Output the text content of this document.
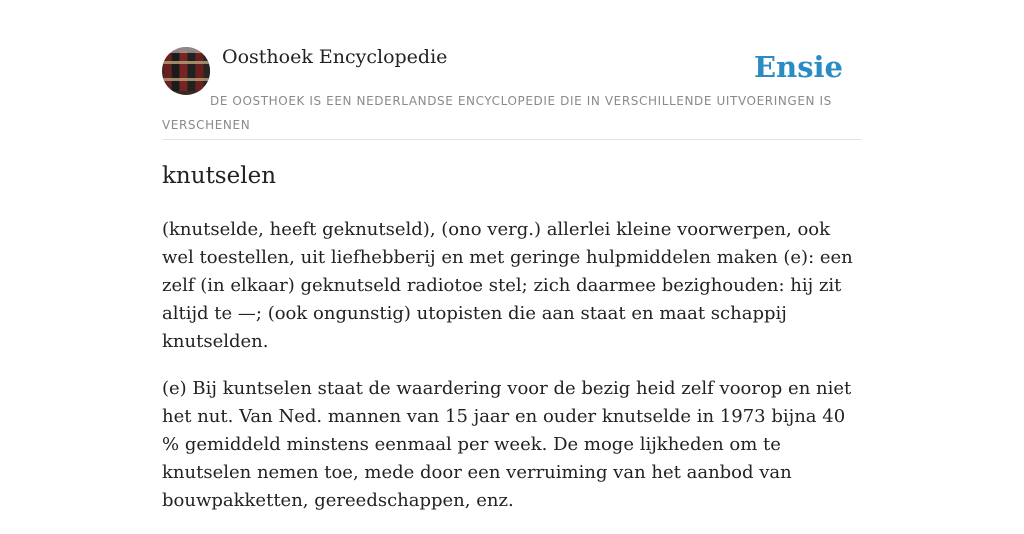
Oosthoek Encyclopedie	Ensie
DE OOSTHOEK IS EEN NEDERLANDSE ENCYCLOPEDIE DIE IN VERSCHILLENDE UITVOERINGEN IS VERSCHENEN
knutselen

(knutselde, heeft geknutseld), (ono verg.) allerlei kleine voorwerpen, ook wel toestellen, uit liefhebberij en met geringe hulpmiddelen maken (e): een zelf (in elkaar) geknutseld radiotoe stel; zich daarmee bezighouden: hij zit altijd te —; (ook ongunstig) utopisten die aan staat en maat schappij knutselden.

(e) Bij kuntselen staat de waardering voor de bezig heid zelf voorop en niet het nut. Van Ned. mannen van 15 jaar en ouder knutselde in 1973 bijna 40 % gemiddeld minstens eenmaal per week. De moge lijkheden om te knutselen nemen toe, mede door een verruiming van het aanbod van bouwpakketten, gereedschappen, enz.
